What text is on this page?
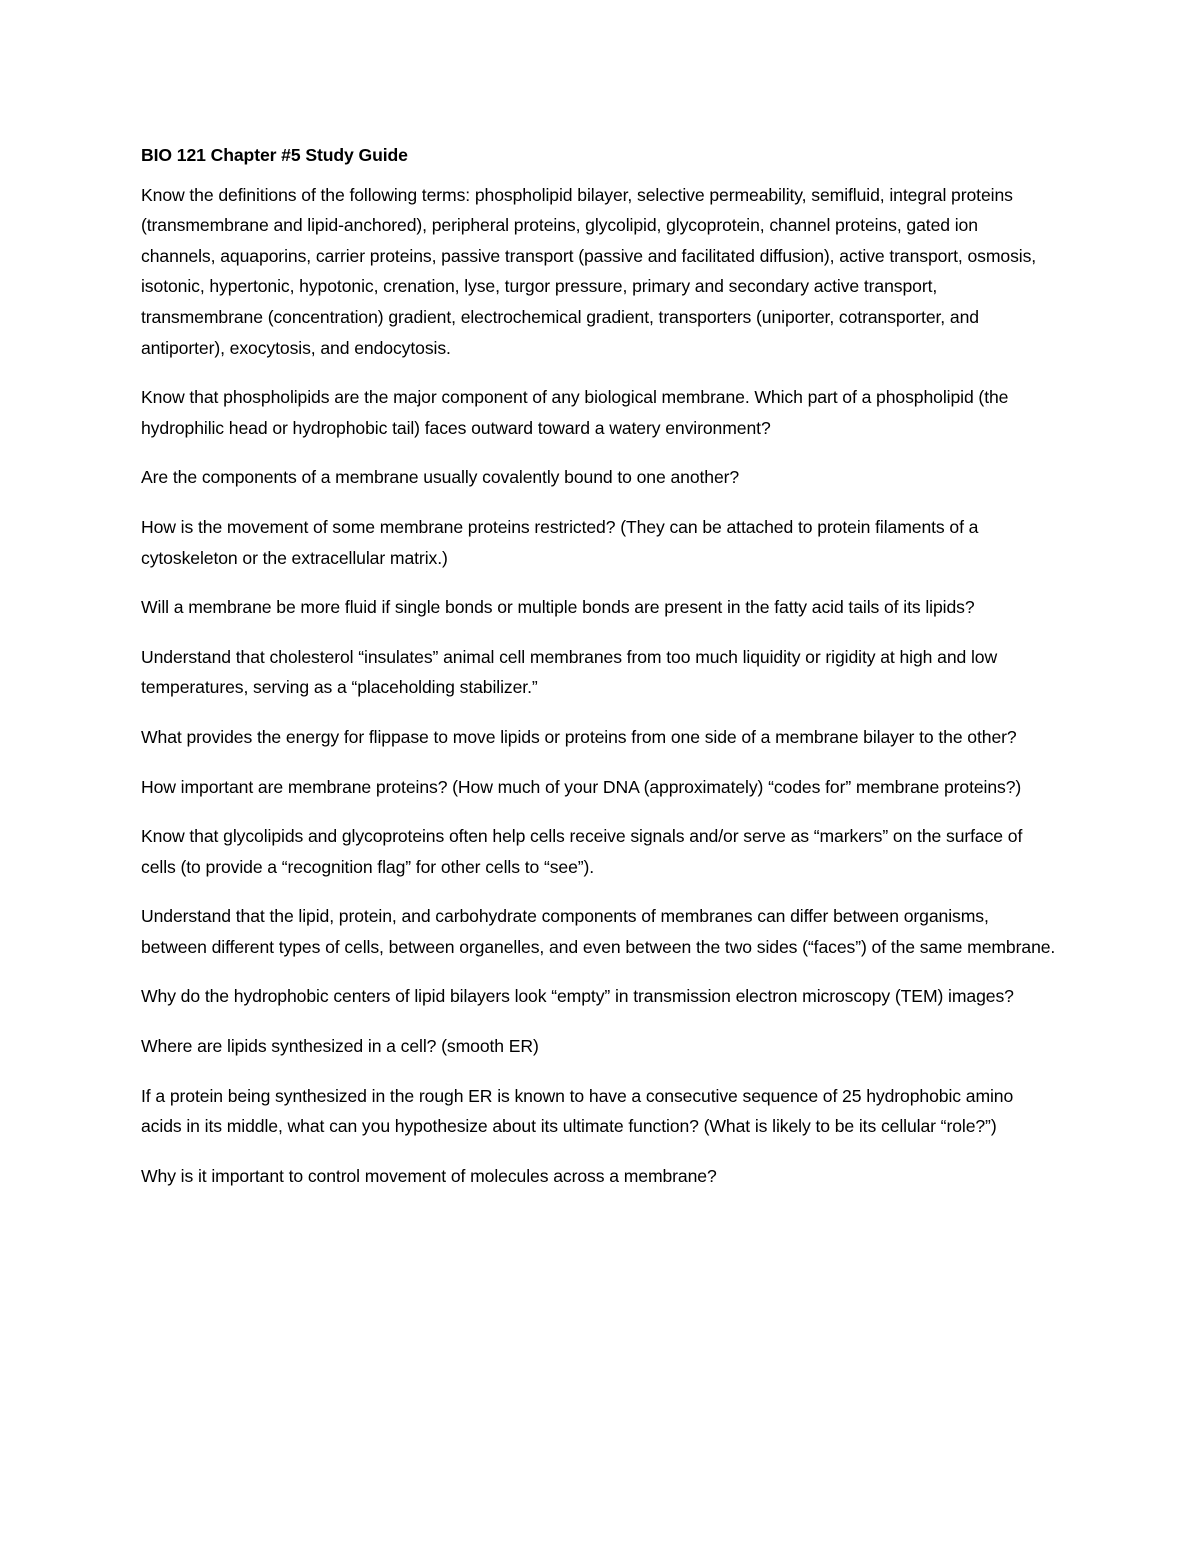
BIO 121 Chapter #5 Study Guide

Know the definitions of the following terms: phospholipid bilayer, selective permeability, semifluid, integral proteins (transmembrane and lipid-anchored), peripheral proteins, glycolipid, glycoprotein, channel proteins, gated ion channels, aquaporins, carrier proteins, passive transport (passive and facilitated diffusion), active transport, osmosis, isotonic, hypertonic, hypotonic, crenation, lyse, turgor pressure, primary and secondary active transport, transmembrane (concentration) gradient, electrochemical gradient, transporters (uniporter, cotransporter, and antiporter), exocytosis, and endocytosis.

Know that phospholipids are the major component of any biological membrane. Which part of a phospholipid (the hydrophilic head or hydrophobic tail) faces outward toward a watery environment?

Are the components of a membrane usually covalently bound to one another?

How is the movement of some membrane proteins restricted? (They can be attached to protein filaments of a cytoskeleton or the extracellular matrix.)

Will a membrane be more fluid if single bonds or multiple bonds are present in the fatty acid tails of its lipids?

Understand that cholesterol “insulates” animal cell membranes from too much liquidity or rigidity at high and low temperatures, serving as a “placeholding stabilizer.”

What provides the energy for flippase to move lipids or proteins from one side of a membrane bilayer to the other?

How important are membrane proteins? (How much of your DNA (approximately) “codes for” membrane proteins?)

Know that glycolipids and glycoproteins often help cells receive signals and/or serve as “markers” on the surface of cells (to provide a “recognition flag” for other cells to “see”).

Understand that the lipid, protein, and carbohydrate components of membranes can differ between organisms, between different types of cells, between organelles, and even between the two sides (“faces”) of the same membrane.

Why do the hydrophobic centers of lipid bilayers look “empty” in transmission electron microscopy (TEM) images?

Where are lipids synthesized in a cell? (smooth ER)

If a protein being synthesized in the rough ER is known to have a consecutive sequence of 25 hydrophobic amino acids in its middle, what can you hypothesize about its ultimate function? (What is likely to be its cellular “role?”)

Why is it important to control movement of molecules across a membrane?
